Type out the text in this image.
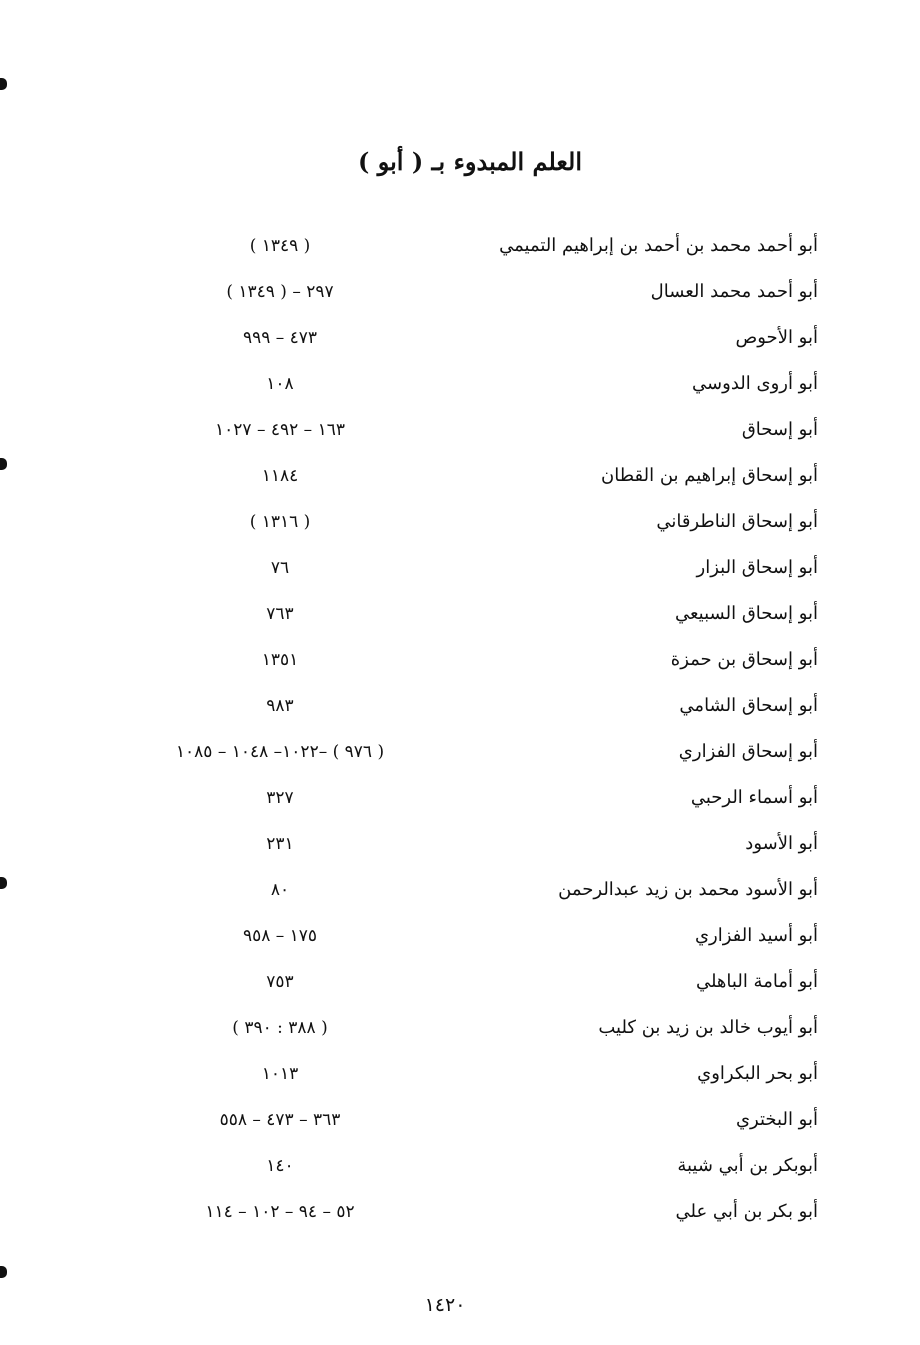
العلم المبدوء بـ ( أبو )
أبو أحمد محمد بن أحمد بن إبراهيم التميمي
( ١٣٤٩ )
أبو أحمد محمد العسال
٢٩٧ – ( ١٣٤٩ )
أبو الأحوص
٤٧٣ – ٩٩٩
أبو أروى الدوسي
١٠٨
أبو إسحاق
١٦٣ – ٤٩٢ – ١٠٢٧
أبو إسحاق إبراهيم بن القطان
١١٨٤
أبو إسحاق الناطرقاني
( ١٣١٦ )
أبو إسحاق البزار
٧٦
أبو إسحاق السبيعي
٧٦٣
أبو إسحاق بن حمزة
١٣٥١
أبو إسحاق الشامي
٩٨٣
أبو إسحاق الفزاري
( ٩٧٦ ) –١٠٢٢– ١٠٤٨ – ١٠٨٥
أبو أسماء الرحبي
٣٢٧
أبو الأسود
٢٣١
أبو الأسود محمد بن زيد عبدالرحمن
٨٠
أبو أسيد الفزاري
١٧٥ – ٩٥٨
أبو أمامة الباهلي
٧٥٣
أبو أيوب خالد بن زيد بن كليب
( ٣٨٨ : ٣٩٠ )
أبو بحر البكراوي
١٠١٣
أبو البختري
٣٦٣ – ٤٧٣ – ٥٥٨
أبوبكر بن أبي شيبة
١٤٠
أبو بكر بن أبي علي
٥٢ – ٩٤ – ١٠٢ – ١١٤
١٤٢٠
